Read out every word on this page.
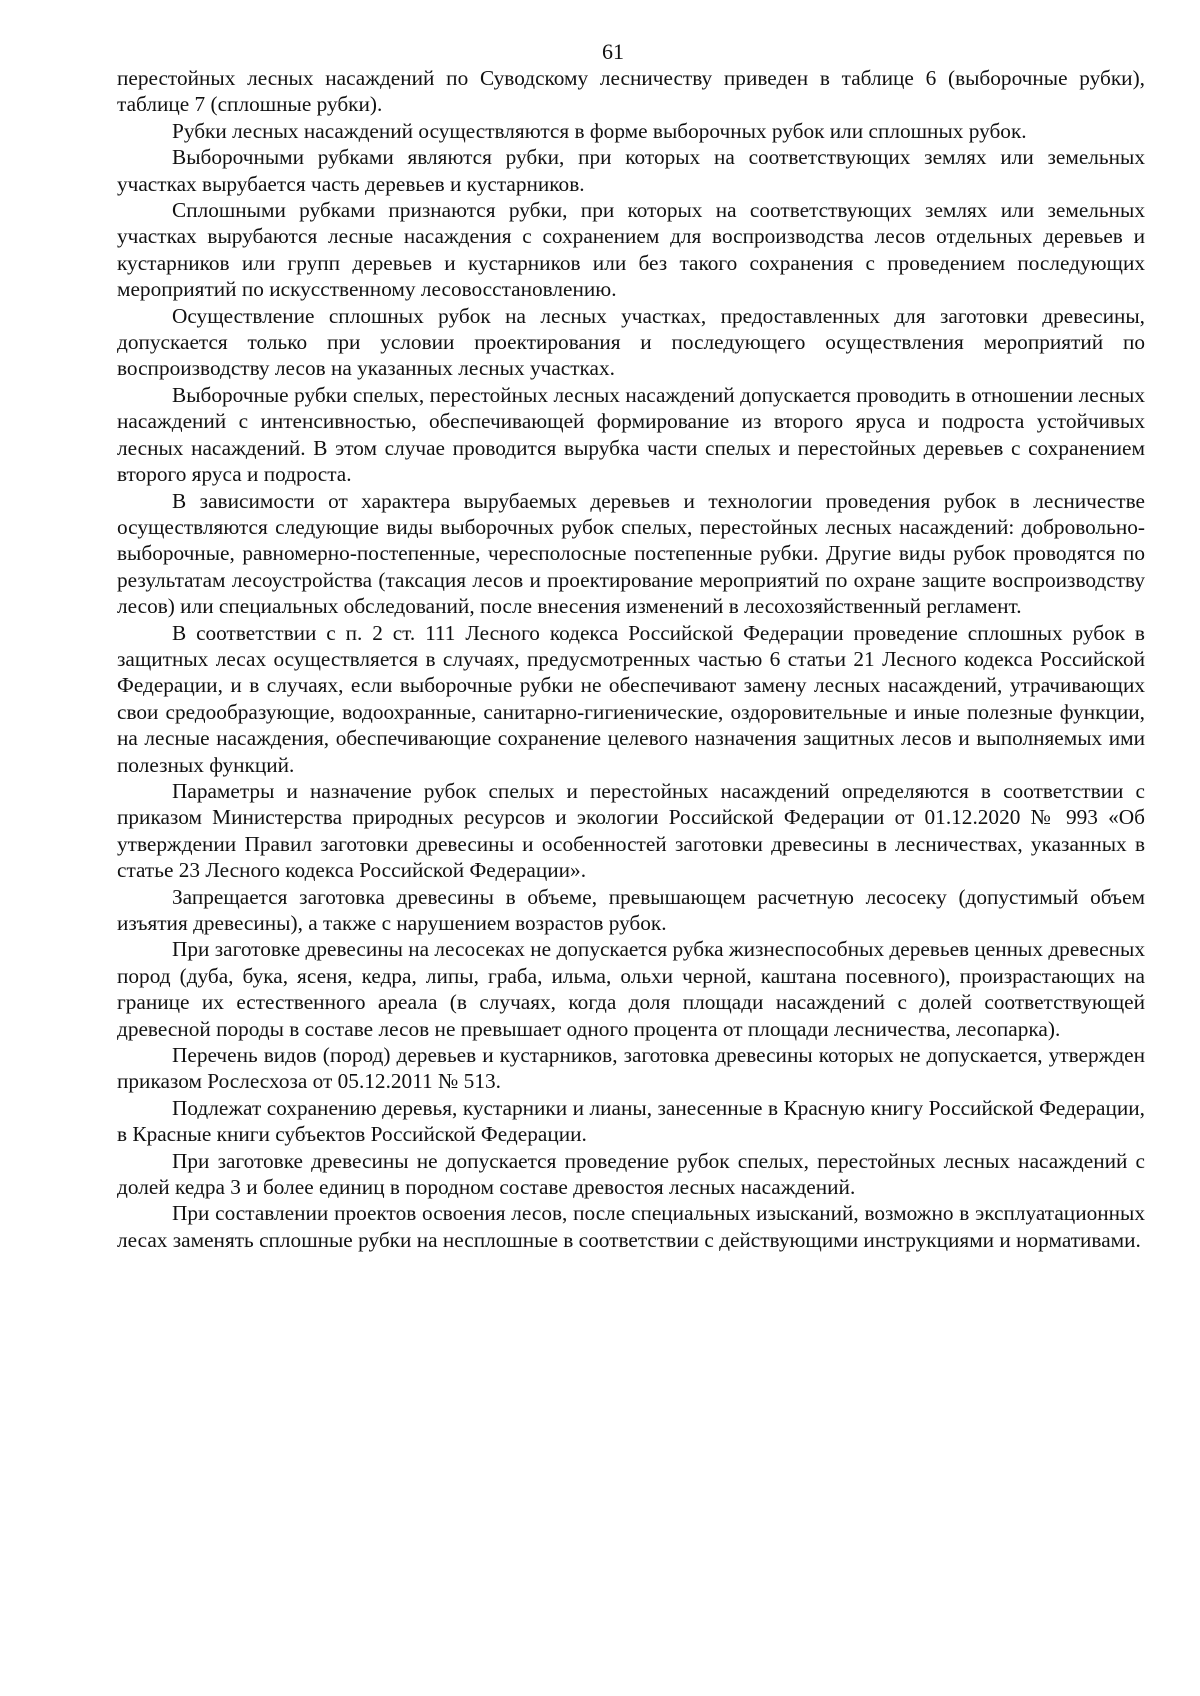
61

перестойных лесных насаждений по Суводскому лесничеству приведен в таблице 6 (выборочные рубки), таблице 7 (сплошные рубки).

Рубки лесных насаждений осуществляются в форме выборочных рубок или сплошных рубок.

Выборочными рубками являются рубки, при которых на соответствующих землях или земельных участках вырубается часть деревьев и кустарников.

Сплошными рубками признаются рубки, при которых на соответствующих землях или земельных участках вырубаются лесные насаждения с сохранением для воспроизводства лесов отдельных деревьев и кустарников или групп деревьев и кустарников или без такого сохранения с проведением последующих мероприятий по искусственному лесовосстановлению.

Осуществление сплошных рубок на лесных участках, предоставленных для заготовки древесины, допускается только при условии проектирования и последующего осуществления мероприятий по воспроизводству лесов на указанных лесных участках.

Выборочные рубки спелых, перестойных лесных насаждений допускается проводить в отношении лесных насаждений с интенсивностью, обеспечивающей формирование из второго яруса и подроста устойчивых лесных насаждений. В этом случае проводится вырубка части спелых и перестойных деревьев с сохранением второго яруса и подроста.

В зависимости от характера вырубаемых деревьев и технологии проведения рубок в лесничестве осуществляются следующие виды выборочных рубок спелых, перестойных лесных насаждений: добровольно-выборочные, равномерно-постепенные, чересполосные постепенные рубки. Другие виды рубок проводятся по результатам лесоустройства (таксация лесов и проектирование мероприятий по охране защите воспроизводству лесов) или специальных обследований, после внесения изменений в лесохозяйственный регламент.

В соответствии с п. 2 ст. 111 Лесного кодекса Российской Федерации проведение сплошных рубок в защитных лесах осуществляется в случаях, предусмотренных частью 6 статьи 21 Лесного кодекса Российской Федерации, и в случаях, если выборочные рубки не обеспечивают замену лесных насаждений, утрачивающих свои средообразующие, водоохранные, санитарно-гигиенические, оздоровительные и иные полезные функции, на лесные насаждения, обеспечивающие сохранение целевого назначения защитных лесов и выполняемых ими полезных функций.

Параметры и назначение рубок спелых и перестойных насаждений определяются в соответствии с приказом Министерства природных ресурсов и экологии Российской Федерации от 01.12.2020 № 993 «Об утверждении Правил заготовки древесины и особенностей заготовки древесины в лесничествах, указанных в статье 23 Лесного кодекса Российской Федерации».

Запрещается заготовка древесины в объеме, превышающем расчетную лесосеку (допустимый объем изъятия древесины), а также с нарушением возрастов рубок.

При заготовке древесины на лесосеках не допускается рубка жизнеспособных деревьев ценных древесных пород (дуба, бука, ясеня, кедра, липы, граба, ильма, ольхи черной, каштана посевного), произрастающих на границе их естественного ареала (в случаях, когда доля площади насаждений с долей соответствующей древесной породы в составе лесов не превышает одного процента от площади лесничества, лесопарка).

Перечень видов (пород) деревьев и кустарников, заготовка древесины которых не допускается, утвержден приказом Рослесхоза от 05.12.2011 № 513.

Подлежат сохранению деревья, кустарники и лианы, занесенные в Красную книгу Российской Федерации, в Красные книги субъектов Российской Федерации.

При заготовке древесины не допускается проведение рубок спелых, перестойных лесных насаждений с долей кедра 3 и более единиц в породном составе древостоя лесных насаждений.

При составлении проектов освоения лесов, после специальных изысканий, возможно в эксплуатационных лесах заменять сплошные рубки на несплошные в соответствии с действующими инструкциями и нормативами.
